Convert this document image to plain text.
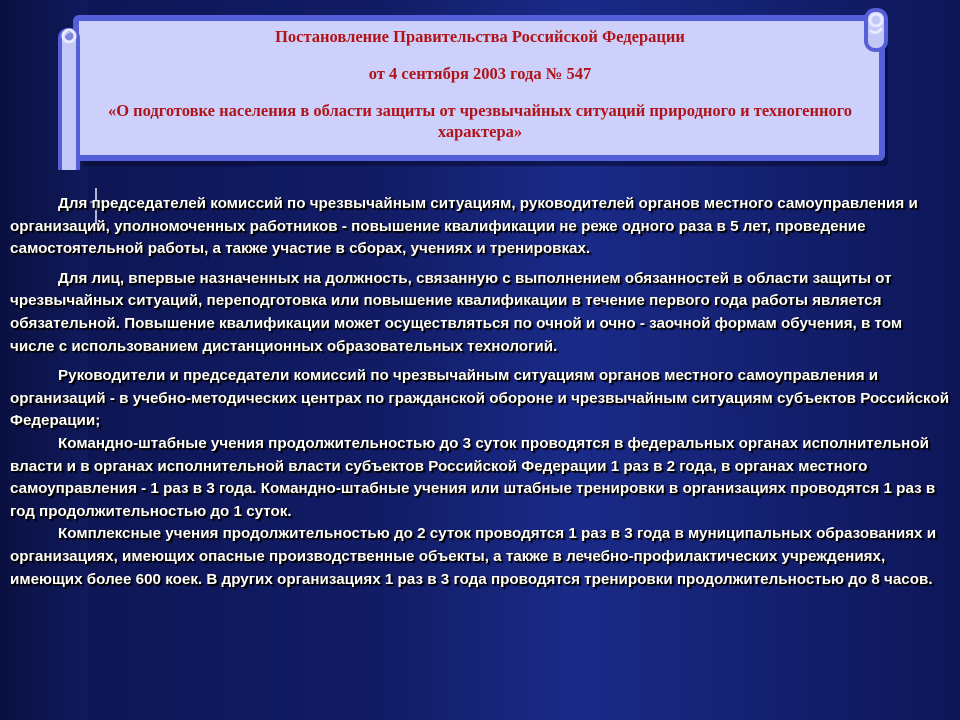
Постановление Правительства Российской Федерации
от 4 сентября 2003 года № 547
«О подготовке населения в области защиты от чрезвычайных ситуаций природного и техногенного характера»

Для председателей комиссий по чрезвычайным ситуациям, руководителей органов местного самоуправления и организаций, уполномоченных работников - повышение квалификации не реже одного раза в 5 лет, проведение самостоятельной работы, а также участие в сборах, учениях и тренировках.

Для лиц, впервые назначенных на должность, связанную с выполнением обязанностей в области защиты от чрезвычайных ситуаций, переподготовка или повышение квалификации в течение первого года работы является обязательной. Повышение квалификации может осуществляться по очной и очно - заочной формам обучения, в том числе с использованием дистанционных образовательных технологий.

Руководители и председатели комиссий по чрезвычайным ситуациям органов местного самоуправления и организаций - в учебно-методических центрах по гражданской обороне и чрезвычайным ситуациям субъектов Российской Федерации;

Командно-штабные учения продолжительностью до 3 суток проводятся в федеральных органах исполнительной власти и в органах исполнительной власти субъектов Российской Федерации 1 раз в 2 года, в органах местного самоуправления - 1 раз в 3 года. Командно-штабные учения или штабные тренировки в организациях проводятся 1 раз в год продолжительностью до 1 суток.

Комплексные учения продолжительностью до 2 суток проводятся 1 раз в 3 года в муниципальных образованиях и организациях, имеющих опасные производственные объекты, а также в лечебно-профилактических учреждениях, имеющих более 600 коек. В других организациях 1 раз в 3 года проводятся тренировки продолжительностью до 8 часов.
